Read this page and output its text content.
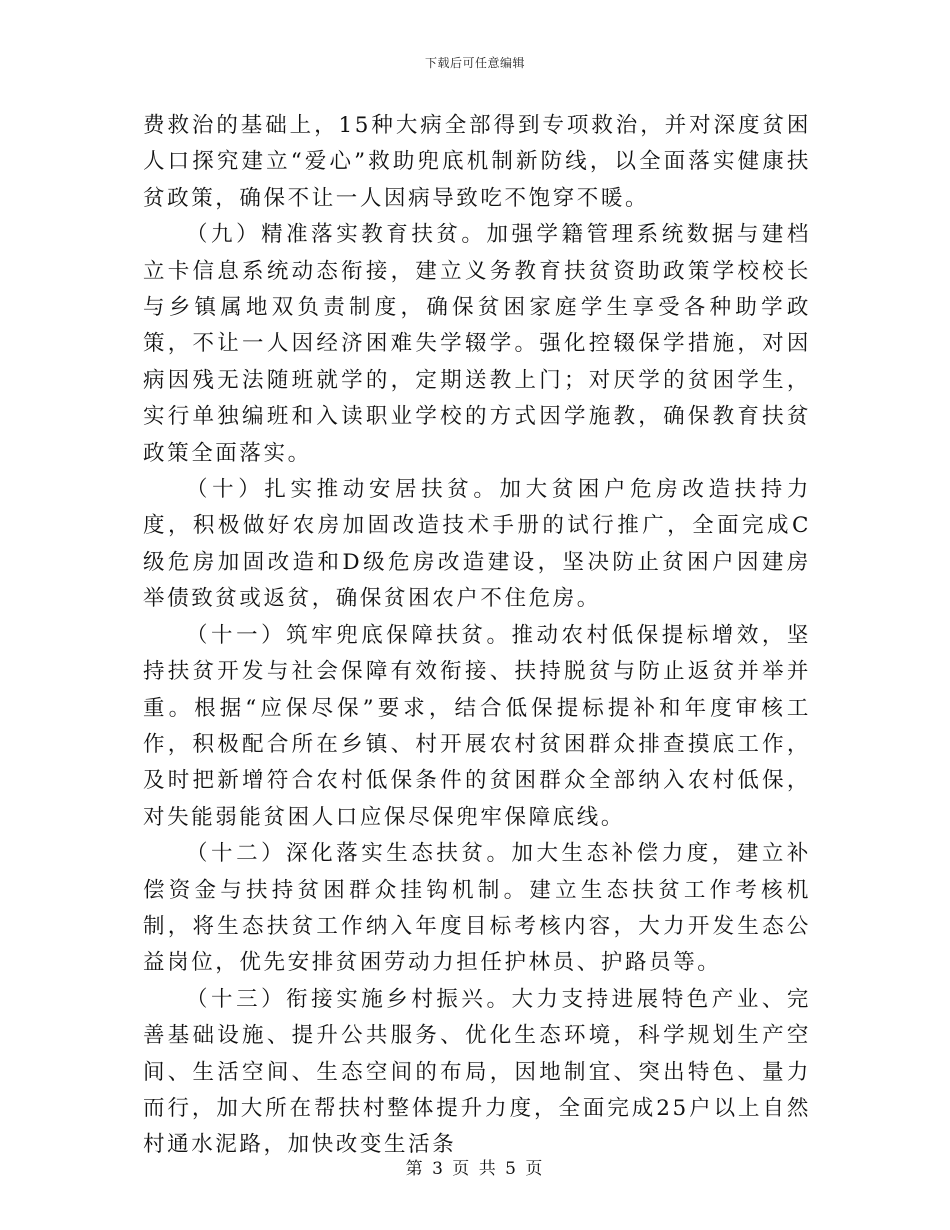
下载后可任意编辑

费救治的基础上，15种大病全部得到专项救治，并对深度贫困人口探究建立“爱心”救助兜底机制新防线，以全面落实健康扶贫政策，确保不让一人因病导致吃不饱穿不暖。

（九）精准落实教育扶贫。加强学籍管理系统数据与建档立卡信息系统动态衔接，建立义务教育扶贫资助政策学校校长与乡镇属地双负责制度，确保贫困家庭学生享受各种助学政策，不让一人因经济困难失学辍学。强化控辍保学措施，对因病因残无法随班就学的，定期送教上门；对厌学的贫困学生，实行单独编班和入读职业学校的方式因学施教，确保教育扶贫政策全面落实。

（十）扎实推动安居扶贫。加大贫困户危房改造扶持力度，积极做好农房加固改造技术手册的试行推广，全面完成C级危房加固改造和D级危房改造建设，坚决防止贫困户因建房举债致贫或返贫，确保贫困农户不住危房。

（十一）筑牢兜底保障扶贫。推动农村低保提标增效，坚持扶贫开发与社会保障有效衔接、扶持脱贫与防止返贫并举并重。根据“应保尽保”要求，结合低保提标提补和年度审核工作，积极配合所在乡镇、村开展农村贫困群众排查摸底工作，及时把新增符合农村低保条件的贫困群众全部纳入农村低保，对失能弱能贫困人口应保尽保兜牢保障底线。

（十二）深化落实生态扶贫。加大生态补偿力度，建立补偿资金与扶持贫困群众挂钩机制。建立生态扶贫工作考核机制，将生态扶贫工作纳入年度目标考核内容，大力开发生态公益岗位，优先安排贫困劳动力担任护林员、护路员等。

（十三）衔接实施乡村振兴。大力支持进展特色产业、完善基础设施、提升公共服务、优化生态环境，科学规划生产空间、生活空间、生态空间的布局，因地制宜、突出特色、量力而行，加大所在帮扶村整体提升力度，全面完成25户以上自然村通水泥路，加快改变生活条

第 3 页 共 5 页
